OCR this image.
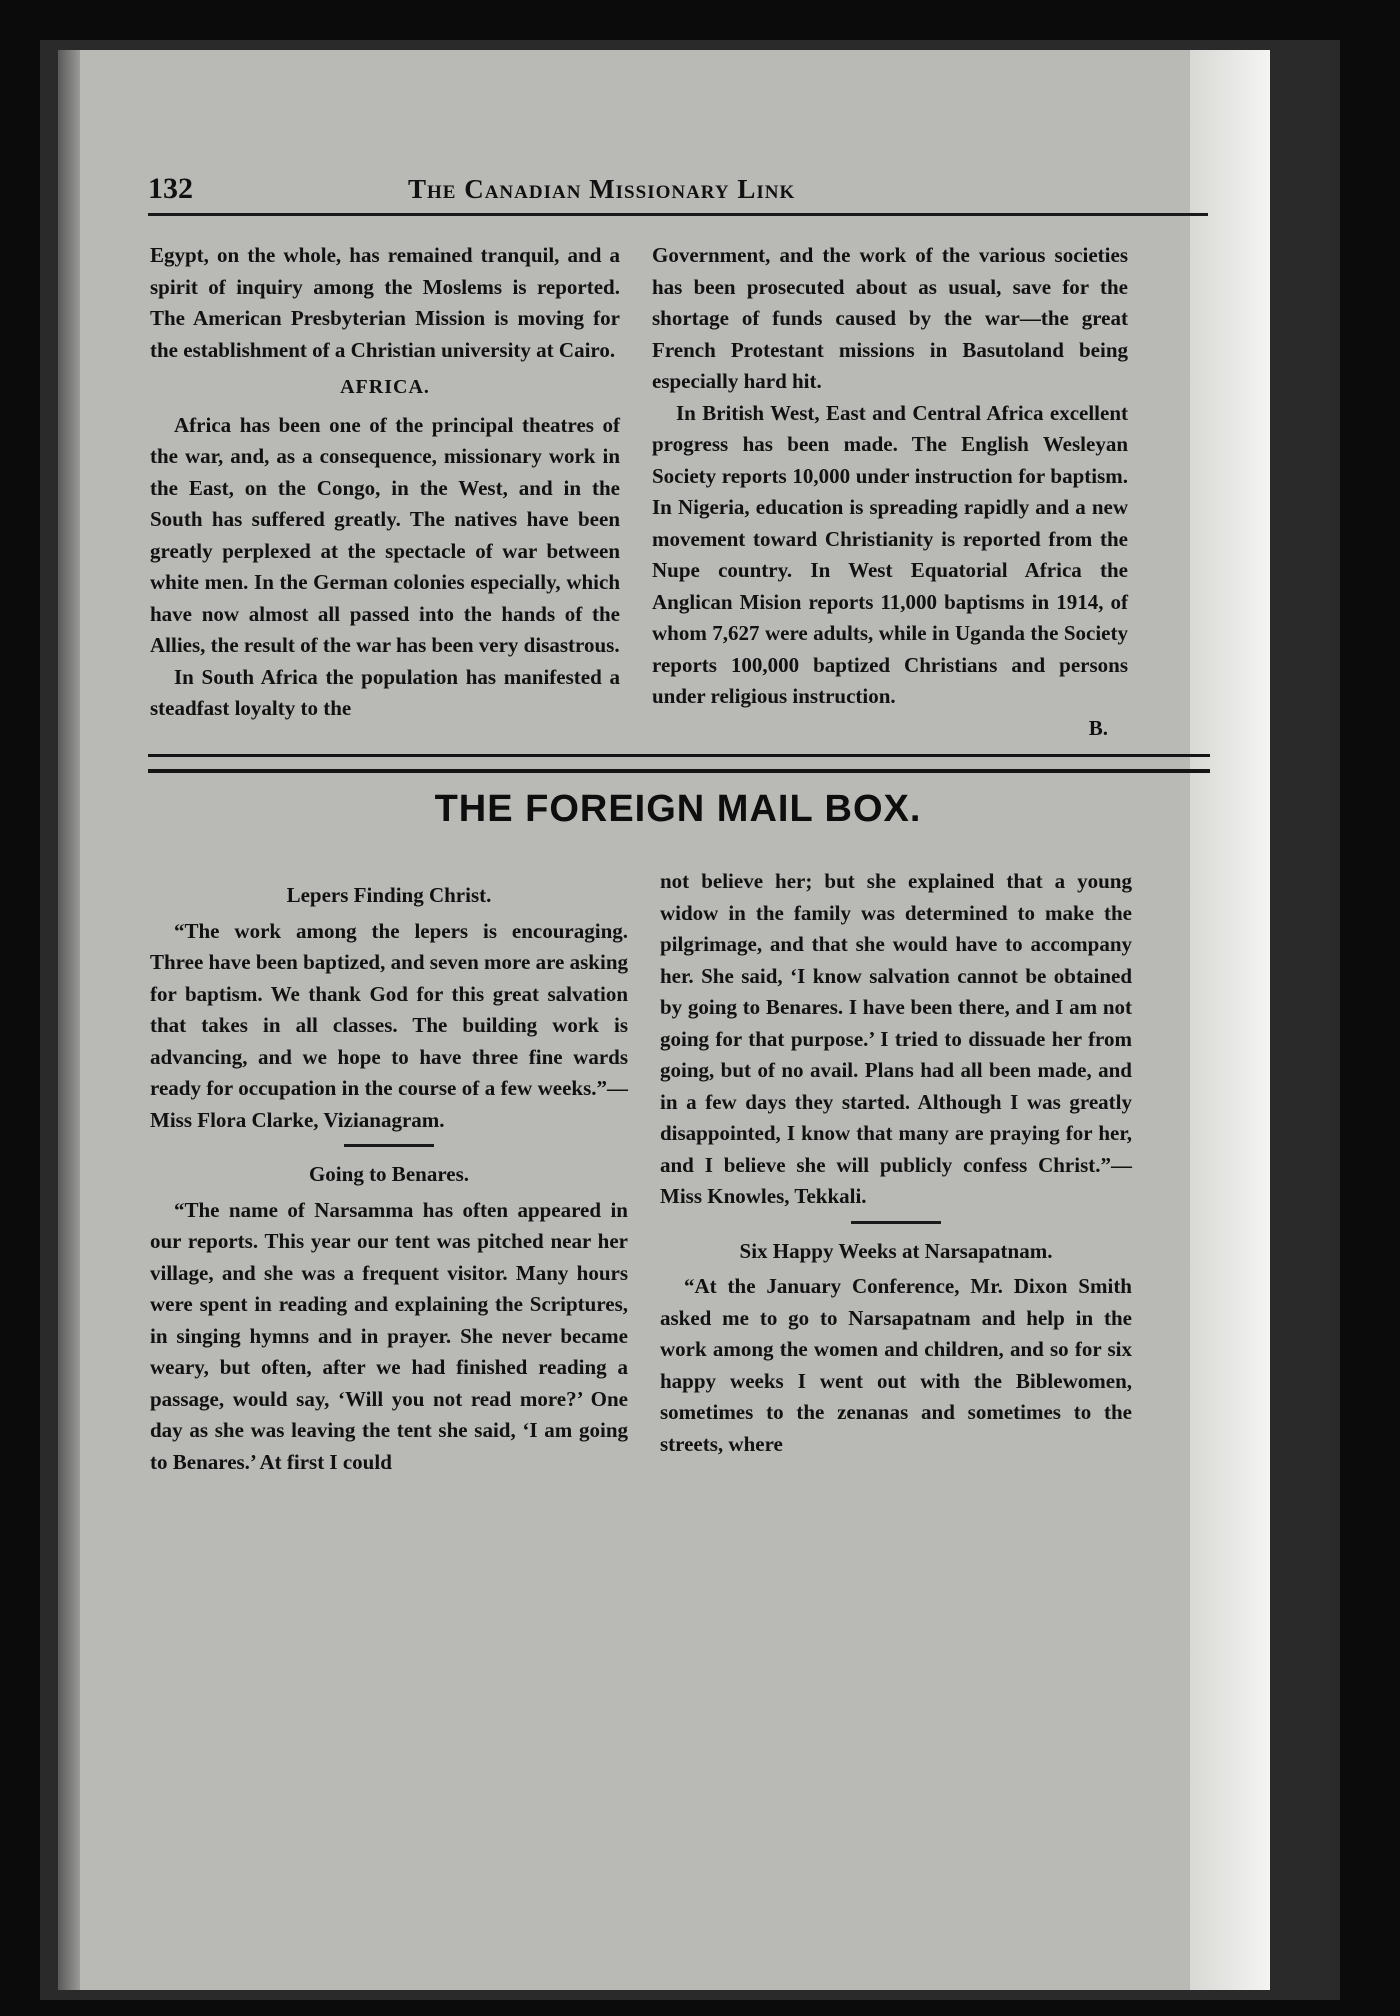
132	The Canadian Missionary Link

Egypt, on the whole, has remained tranquil, and a spirit of inquiry among the Moslems is reported. The American Presbyterian Mission is moving for the establishment of a Christian university at Cairo.

AFRICA.

Africa has been one of the principal theatres of the war, and, as a consequence, missionary work in the East, on the Congo, in the West, and in the South has suffered greatly. The natives have been greatly perplexed at the spectacle of war between white men. In the German colonies especially, which have now almost all passed into the hands of the Allies, the result of the war has been very disastrous.

In South Africa the population has manifested a steadfast loyalty to the

Government, and the work of the various societies has been prosecuted about as usual, save for the shortage of funds caused by the war—the great French Protestant missions in Basutoland being especially hard hit.

In British West, East and Central Africa excellent progress has been made. The English Wesleyan Society reports 10,000 under instruction for baptism. In Nigeria, education is spreading rapidly and a new movement toward Christianity is reported from the Nupe country. In West Equatorial Africa the Anglican Mision reports 11,000 baptisms in 1914, of whom 7,627 were adults, while in Uganda the Society reports 100,000 baptized Christians and persons under religious instruction.

B.
THE FOREIGN MAIL BOX.
Lepers Finding Christ.

“The work among the lepers is encouraging. Three have been baptized, and seven more are asking for baptism. We thank God for this great salvation that takes in all classes. The building work is advancing, and we hope to have three fine wards ready for occupation in the course of a few weeks.”—Miss Flora Clarke, Vizianagram.

Going to Benares.

“The name of Narsamma has often appeared in our reports. This year our tent was pitched near her village, and she was a frequent visitor. Many hours were spent in reading and explaining the Scriptures, in singing hymns and in prayer. She never became weary, but often, after we had finished reading a passage, would say, ‘Will you not read more?’ One day as she was leaving the tent she said, ‘I am going to Benares.’ At first I could

not believe her; but she explained that a young widow in the family was determined to make the pilgrimage, and that she would have to accompany her. She said, ‘I know salvation cannot be obtained by going to Benares. I have been there, and I am not going for that purpose.’ I tried to dissuade her from going, but of no avail. Plans had all been made, and in a few days they started. Although I was greatly disappointed, I know that many are praying for her, and I believe she will publicly confess Christ.”—Miss Knowles, Tekkali.

Six Happy Weeks at Narsapatnam.

“At the January Conference, Mr. Dixon Smith asked me to go to Narsapatnam and help in the work among the women and children, and so for six happy weeks I went out with the Biblewomen, sometimes to the zenanas and sometimes to the streets, where
